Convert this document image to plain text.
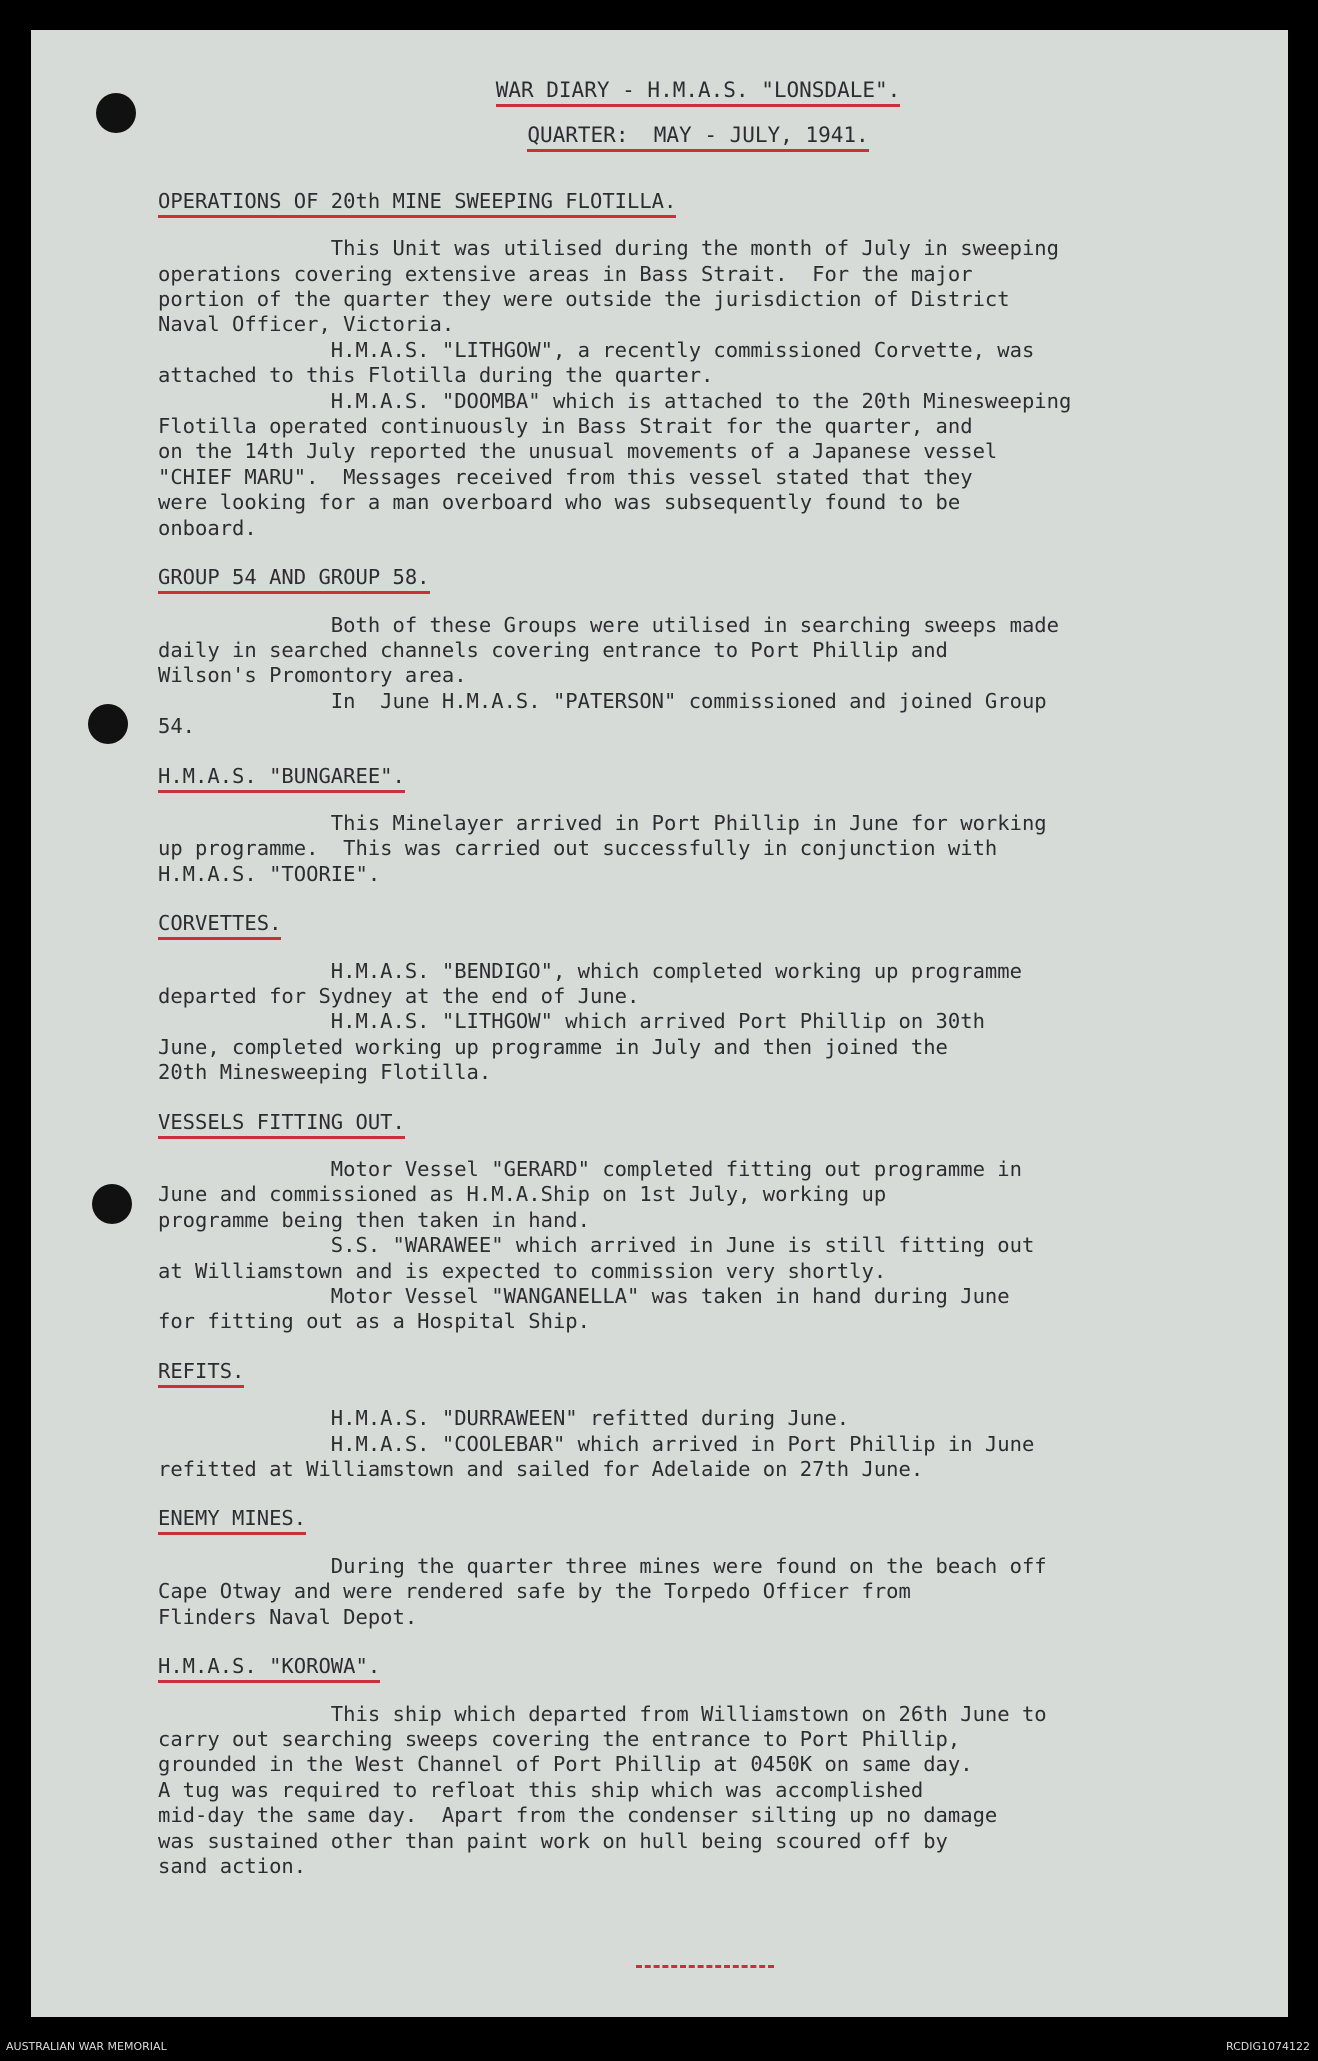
WAR DIARY - H.M.A.S. "LONSDALE".

QUARTER:  MAY - JULY, 1941.

OPERATIONS OF 20th MINE SWEEPING FLOTILLA.

This Unit was utilised during the month of July in sweeping

operations covering extensive areas in Bass Strait.  For the major

portion of the quarter they were outside the jurisdiction of District

Naval Officer, Victoria.

H.M.A.S. "LITHGOW", a recently commissioned Corvette, was

attached to this Flotilla during the quarter.

H.M.A.S. "DOOMBA" which is attached to the 20th Minesweeping

Flotilla operated continuously in Bass Strait for the quarter, and

on the 14th July reported the unusual movements of a Japanese vessel

"CHIEF MARU".  Messages received from this vessel stated that they

were looking for a man overboard who was subsequently found to be

onboard.

GROUP 54 AND GROUP 58.

Both of these Groups were utilised in searching sweeps made

daily in searched channels covering entrance to Port Phillip and

Wilson's Promontory area.

In  June H.M.A.S. "PATERSON" commissioned and joined Group

54.

H.M.A.S. "BUNGAREE".

This Minelayer arrived in Port Phillip in June for working

up programme.  This was carried out successfully in conjunction with

H.M.A.S. "TOORIE".

CORVETTES.

H.M.A.S. "BENDIGO", which completed working up programme

departed for Sydney at the end of June.

H.M.A.S. "LITHGOW" which arrived Port Phillip on 30th

June, completed working up programme in July and then joined the

20th Minesweeping Flotilla.

VESSELS FITTING OUT.

Motor Vessel "GERARD" completed fitting out programme in

June and commissioned as H.M.A.Ship on 1st July, working up

programme being then taken in hand.

S.S. "WARAWEE" which arrived in June is still fitting out

at Williamstown and is expected to commission very shortly.

Motor Vessel "WANGANELLA" was taken in hand during June

for fitting out as a Hospital Ship.

REFITS.

H.M.A.S. "DURRAWEEN" refitted during June.

H.M.A.S. "COOLEBAR" which arrived in Port Phillip in June

refitted at Williamstown and sailed for Adelaide on 27th June.

ENEMY MINES.

During the quarter three mines were found on the beach off

Cape Otway and were rendered safe by the Torpedo Officer from

Flinders Naval Depot.

H.M.A.S. "KOROWA".

This ship which departed from Williamstown on 26th June to

carry out searching sweeps covering the entrance to Port Phillip,

grounded in the West Channel of Port Phillip at 0450K on same day.

A tug was required to refloat this ship which was accomplished

mid-day the same day.  Apart from the condenser silting up no damage

was sustained other than paint work on hull being scoured off by

sand action.

AUSTRALIAN WAR MEMORIAL	RCDIG1074122
